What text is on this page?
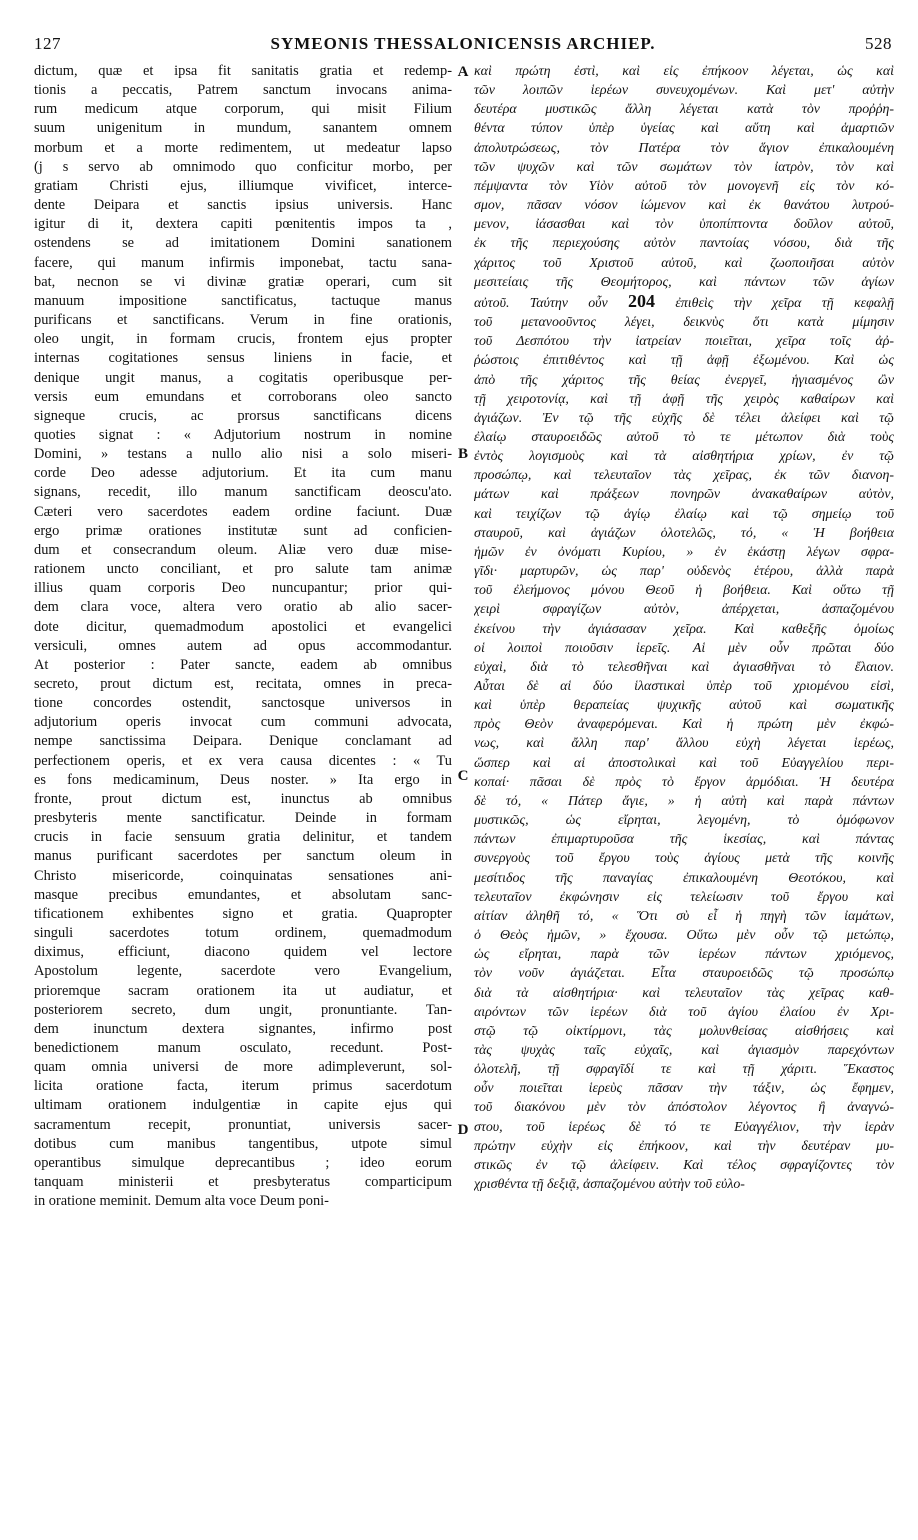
127	SYMEONIS THESSALONICENSIS ARCHIEP.	528
dictum, quæ et ipsa fit sanitatis gratia et redemp-
tionis a peccatis, Patrem sanctum invocans anima-
rum medicum atque corporum, qui misit Filium
suum unigenitum in mundum, sanantem omnem
morbum et a morte redimentem, ut medeatur lapso
(j s servo ab omnimodo quo conficitur morbo, per
gratiam Christi ejus, illiumque vivificet, interce-
dente Deipara et sanctis ipsius universis. Hanc
igitur di it, dextera capiti pœnitentis impos ta ,
ostendens se ad imitationem Domini sanationem
facere, qui manum infirmis imponebat, tactu sana-
bat, necnon se vi divinæ gratiæ operari, cum sit
manuum impositione sanctificatus, tactuque manus
purificans et sanctificans. Verum in fine orationis,
oleo ungit, in formam crucis, frontem ejus propter
internas cogitationes sensus liniens in facie, et
denique ungit manus, a cogitatis operibusque per-
versis eum emundans et corroborans oleo sancto
signeque crucis, ac prorsus sanctificans dicens
quoties signat : « Adjutorium nostrum in nomine
Domini, » testans a nullo alio nisi a solo miseri-
corde Deo adesse adjutorium. Et ita cum manu
signans, recedit, illo manum sanctificam deoscu'ato.
Cæteri vero sacerdotes eadem ordine faciunt. Duæ
ergo primæ orationes institutæ sunt ad conficien-
dum et consecrandum oleum. Aliæ vero duæ mise-
rationem uncto conciliant, et pro salute tam animæ
illius quam corporis Deo nuncupantur; prior qui-
dem clara voce, altera vero oratio ab alio sacer-
dote dicitur, quemadmodum apostolici et evangelici
versiculi, omnes autem ad opus accommodantur.
At posterior : Pater sancte, eadem ab omnibus
secreto, prout dictum est, recitata, omnes in preca-
tione concordes ostendit, sanctosque universos in
adjutorium operis invocat cum communi advocata,
nempe sanctissima Deipara. Denique conclamant ad
perfectionem operis, et ex vera causa dicentes : « Tu
es fons medicaminum, Deus noster. » Ita ergo in
fronte, prout dictum est, inunctus ab omnibus
presbyteris mente sanctificatur. Deinde in formam
crucis in facie sensuum gratia delinitur, et tandem
manus purificant sacerdotes per sanctum oleum in
Christo misericorde, coinquinatas sensationes ani-
masque precibus emundantes, et absolutam sanc-
tificationem exhibentes signo et gratia. Quapropter
singuli sacerdotes totum ordinem, quemadmodum
diximus, efficiunt, diacono quidem vel lectore
Apostolum legente, sacerdote vero Evangelium,
prioremque sacram orationem ita ut audiatur, et
posteriorem secreto, dum ungit, pronuntiante. Tan-
dem inunctum dextera signantes, infirmo post
benedictionem manum osculato, recedunt. Post-
quam omnia universi de more adimpleverunt, sol-
licita oratione facta, iterum primus sacerdotum
ultimam orationem indulgentiæ in capite ejus qui
sacramentum recepit, pronuntiat, universis sacer-
dotibus cum manibus tangentibus, utpote simul
operantibus simulque deprecantibus ; ideo eorum
tanquam ministerii et presbyteratus comparticipum
in oratione meminit. Demum alta voce Deum poni-
καὶ πρώτη ἐστὶ, καὶ εἰς ἐπήκοον λέγεται, ὡς καὶ
τῶν λοιπῶν ἱερέων συνευχομένων. Καὶ μετ' αὐτὴν
δευτέρα μυστικῶς ἄλλη λέγεται κατὰ τὸν προῤῥη-
θέντα τύπον ὑπὲρ ὑγείας καὶ αὕτη καὶ ἁμαρτιῶν
ἀπολυτρώσεως, τὸν Πατέρα τὸν ἅγιον ἐπικαλουμένη
τῶν ψυχῶν καὶ τῶν σωμάτων τὸν ἰατρὸν, τὸν καὶ
πέμψαντα τὸν Υἱὸν αὐτοῦ τὸν μονογενῆ εἰς τὸν κό-
σμον, πᾶσαν νόσον ἰώμενον καὶ ἐκ θανάτου λυτρού-
μενον, ἰάσασθαι καὶ τὸν ὑποπίπτοντα δοῦλον αὐτοῦ,
ἐκ τῆς περιεχούσης αὐτὸν παντοίας νόσου, διὰ τῆς
χάριτος τοῦ Χριστοῦ αὐτοῦ, καὶ ζωοποιῆσαι αὐτὸν
μεσιτείαις τῆς Θεομήτορος, καὶ πάντων τῶν ἁγίων
αὐτοῦ. Ταύτην οὖν 204 ἐπιθεὶς τὴν χεῖρα τῇ κεφαλῇ
τοῦ μετανοοῦντος λέγει, δεικνὺς ὅτι κατὰ μίμησιν
τοῦ Δεσπότου τὴν ἰατρείαν ποιεῖται, χεῖρα τοῖς ἀῤ-
ῥώστοις ἐπιτιθέντος καὶ τῇ ἁφῇ ἐξωμένου. Καὶ ὡς
ἀπὸ τῆς χάριτος τῆς θείας ἐνεργεῖ, ἡγιασμένος ὢν
τῇ χειροτονίᾳ, καὶ τῇ ἁφῇ τῆς χειρὸς καθαίρων καὶ
ἁγιάζων. Ἐν τῷ τῆς εὐχῆς δὲ τέλει ἀλείφει καὶ τῷ
ἐλαίῳ σταυροειδῶς αὐτοῦ τὸ τε μέτωπον διὰ τοὺς
ἐντὸς λογισμοὺς καὶ τὰ αἰσθητήρια χρίων, ἐν τῷ
προσώπῳ, καὶ τελευταῖον τὰς χεῖρας, ἐκ τῶν διανοη-
μάτων καὶ πράξεων πονηρῶν ἀνακαθαίρων αὐτὸν,
καὶ τειχίζων τῷ ἁγίῳ ἐλαίῳ καὶ τῷ σημείῳ τοῦ
σταυροῦ, καὶ ἁγιάζων ὁλοτελῶς, τό, « Ἡ βοήθεια
ἡμῶν ἐν ὀνόματι Κυρίου, » ἐν ἑκάστῃ λέγων σφρα-
γῖδι· μαρτυρῶν, ὡς παρ' οὐδενὸς ἑτέρου, ἀλλὰ παρὰ
τοῦ ἐλεήμονος μόνου Θεοῦ ἡ βοήθεια. Καὶ οὕτω τῇ
χειρὶ σφραγίζων αὐτὸν, ἀπέρχεται, ἀσπαζομένου
ἐκείνου τὴν ἁγιάσασαν χεῖρα. Καὶ καθεξῆς ὁμοίως
οἱ λοιποὶ ποιοῦσιν ἱερεῖς. Αἱ μὲν οὖν πρῶται δύο
εὐχαὶ, διὰ τὸ τελεσθῆναι καὶ ἁγιασθῆναι τὸ ἔλαιον.
Αὗται δὲ αἱ δύο ἱλαστικαὶ ὑπὲρ τοῦ χριομένου εἰσὶ,
καὶ ὑπὲρ θεραπείας ψυχικῆς αὐτοῦ καὶ σωματικῆς
πρὸς Θεὸν ἀναφερόμεναι. Καὶ ἡ πρώτη μὲν ἐκφώ-
νως, καὶ ἄλλη παρ' ἄλλου εὐχὴ λέγεται ἱερέως,
ὥσπερ καὶ αἱ ἀποστολικαὶ καὶ τοῦ Εὐαγγελίου περι-
κοπαί· πᾶσαι δὲ πρὸς τὸ ἔργον ἁρμόδιαι. Ἡ δευτέρα
δὲ τό, « Πάτερ ἅγιε, » ἡ αὐτὴ καὶ παρὰ πάντων
μυστικῶς, ὡς εἴρηται, λεγομένη, τὸ ὁμόφωνον
πάντων ἐπιμαρτυροῦσα τῆς ἱκεσίας, καὶ πάντας
συνεργοὺς τοῦ ἔργου τοὺς ἁγίους μετὰ τῆς κοινῆς
μεσίτιδος τῆς παναγίας ἐπικαλουμένη Θεοτόκου, καὶ
τελευταῖον ἐκφώνησιν εἰς τελείωσιν τοῦ ἔργου καὶ
αἰτίαν ἀληθῆ τό, « Ὅτι σὺ εἶ ἡ πηγὴ τῶν ἰαμάτων,
ὁ Θεὸς ἡμῶν, » ἔχουσα. Οὕτω μὲν οὖν τῷ μετώπῳ,
ὡς εἴρηται, παρὰ τῶν ἱερέων πάντων χριόμενος,
τὸν νοῦν ἁγιάζεται. Εἶτα σταυροειδῶς τῷ προσώπῳ
διὰ τὰ αἰσθητήρια· καὶ τελευταῖον τὰς χεῖρας καθ-
αιρόντων τῶν ἱερέων διὰ τοῦ ἁγίου ἐλαίου ἐν Χρι-
στῷ τῷ οἰκτίρμονι, τὰς μολυνθείσας αἰσθήσεις καὶ
τὰς ψυχὰς ταῖς εὐχαῖς, καὶ ἁγιασμὸν παρεχόντων
ὁλοτελῆ, τῇ σφραγῖδί τε καὶ τῇ χάριτι. Ἕκαστος
οὖν ποιεῖται ἱερεὺς πᾶσαν τὴν τάξιν, ὡς ἔφημεν,
τοῦ διακόνου μὲν τὸν ἀπόστολον λέγοντος ἢ ἀναγνώ-
στου, τοῦ ἱερέως δὲ τό τε Εὐαγγέλιον, τὴν ἱερὰν
πρώτην εὐχὴν εἰς ἐπήκοον, καὶ τὴν δευτέραν μυ-
στικῶς ἐν τῷ ἀλείφειν. Καὶ τέλος σφραγίζοντες τὸν
χρισθέντα τῇ δεξιᾷ, ἀσπαζομένου αὐτὴν τοῦ εὐλο-
A
B
C
D
